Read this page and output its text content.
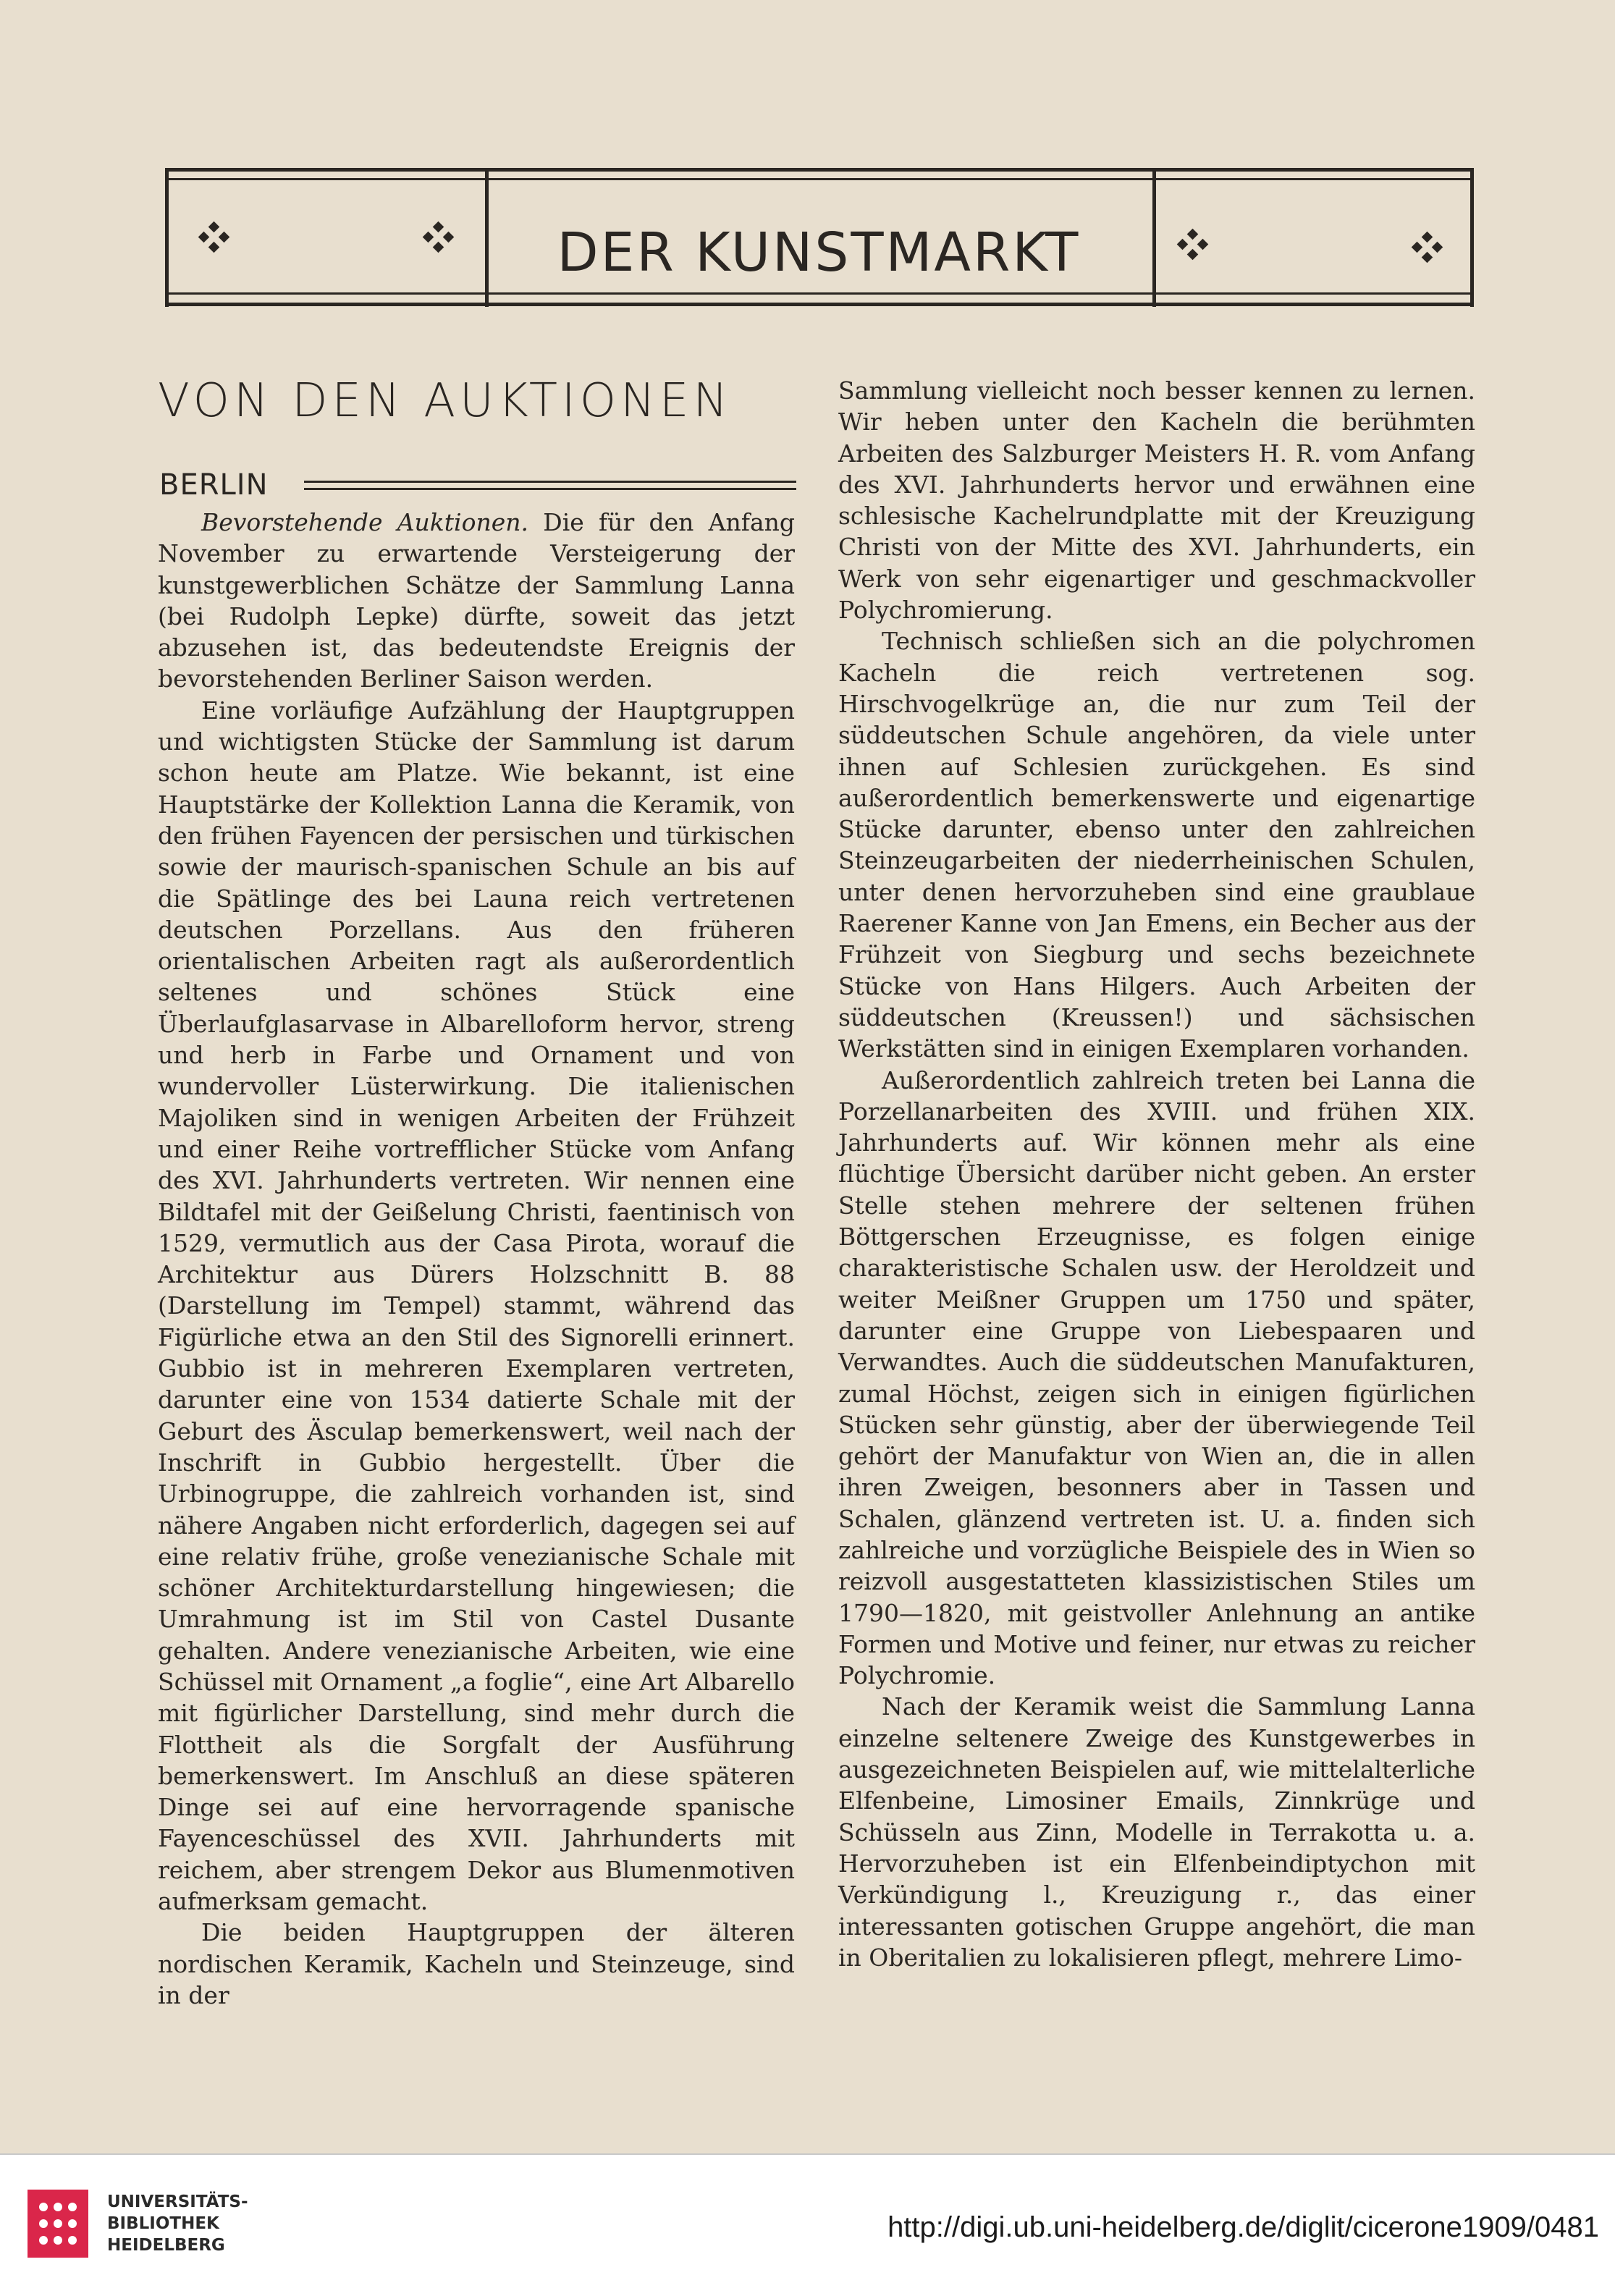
DER KUNSTMARKT
VON DEN AUKTIONEN
BERLIN

Bevorstehende Auktionen. Die für den Anfang November zu erwartende Versteigerung der kunstgewerblichen Schätze der Sammlung Lanna (bei Rudolph Lepke) dürfte, soweit das jetzt abzusehen ist, das bedeutendste Ereignis der bevorstehenden Berliner Saison werden.

Eine vorläufige Aufzählung der Hauptgruppen und wichtigsten Stücke der Sammlung ist darum schon heute am Platze. Wie bekannt, ist eine Hauptstärke der Kollektion Lanna die Keramik, von den frühen Fayencen der persischen und türkischen sowie der maurisch-spanischen Schule an bis auf die Spätlinge des bei Launa reich vertretenen deutschen Porzellans. Aus den früheren orientalischen Arbeiten ragt als außerordentlich seltenes und schönes Stück eine Überlaufglasarvase in Albarelloform hervor, streng und herb in Farbe und Ornament und von wundervoller Lüsterwirkung. Die italienischen Majoliken sind in wenigen Arbeiten der Frühzeit und einer Reihe vortrefflicher Stücke vom Anfang des XVI. Jahrhunderts vertreten. Wir nennen eine Bildtafel mit der Geißelung Christi, faentinisch von 1529, vermutlich aus der Casa Pirota, worauf die Architektur aus Dürers Holzschnitt B. 88 (Darstellung im Tempel) stammt, während das Figürliche etwa an den Stil des Signorelli erinnert. Gubbio ist in mehreren Exemplaren vertreten, darunter eine von 1534 datierte Schale mit der Geburt des Äsculap bemerkenswert, weil nach der Inschrift in Gubbio hergestellt. Über die Urbinogruppe, die zahlreich vorhanden ist, sind nähere Angaben nicht erforderlich, dagegen sei auf eine relativ frühe, große venezianische Schale mit schöner Architekturdarstellung hingewiesen; die Umrahmung ist im Stil von Castel Dusante gehalten. Andere venezianische Arbeiten, wie eine Schüssel mit Ornament „a foglie“, eine Art Albarello mit figürlicher Darstellung, sind mehr durch die Flottheit als die Sorgfalt der Ausführung bemerkenswert. Im Anschluß an diese späteren Dinge sei auf eine hervorragende spanische Fayenceschüssel des XVII. Jahrhunderts mit reichem, aber strengem Dekor aus Blumenmotiven aufmerksam gemacht.

Die beiden Hauptgruppen der älteren nordischen Keramik, Kacheln und Steinzeuge, sind in der

Sammlung vielleicht noch besser kennen zu lernen. Wir heben unter den Kacheln die berühmten Arbeiten des Salzburger Meisters H. R. vom Anfang des XVI. Jahrhunderts hervor und erwähnen eine schlesische Kachelrundplatte mit der Kreuzigung Christi von der Mitte des XVI. Jahrhunderts, ein Werk von sehr eigenartiger und geschmackvoller Polychromierung.

Technisch schließen sich an die polychromen Kacheln die reich vertretenen sog. Hirschvogelkrüge an, die nur zum Teil der süddeutschen Schule angehören, da viele unter ihnen auf Schlesien zurückgehen. Es sind außerordentlich bemerkenswerte und eigenartige Stücke darunter, ebenso unter den zahlreichen Steinzeugarbeiten der niederrheinischen Schulen, unter denen hervorzuheben sind eine graublaue Raerener Kanne von Jan Emens, ein Becher aus der Frühzeit von Siegburg und sechs bezeichnete Stücke von Hans Hilgers. Auch Arbeiten der süddeutschen (Kreussen!) und sächsischen Werkstätten sind in einigen Exemplaren vorhanden.

Außerordentlich zahlreich treten bei Lanna die Porzellanarbeiten des XVIII. und frühen XIX. Jahrhunderts auf. Wir können mehr als eine flüchtige Übersicht darüber nicht geben. An erster Stelle stehen mehrere der seltenen frühen Böttgerschen Erzeugnisse, es folgen einige charakteristische Schalen usw. der Heroldzeit und weiter Meißner Gruppen um 1750 und später, darunter eine Gruppe von Liebespaaren und Verwandtes. Auch die süddeutschen Manufakturen, zumal Höchst, zeigen sich in einigen figürlichen Stücken sehr günstig, aber der überwiegende Teil gehört der Manufaktur von Wien an, die in allen ihren Zweigen, besonners aber in Tassen und Schalen, glänzend vertreten ist. U. a. finden sich zahlreiche und vorzügliche Beispiele des in Wien so reizvoll ausgestatteten klassizistischen Stiles um 1790—1820, mit geistvoller Anlehnung an antike Formen und Motive und feiner, nur etwas zu reicher Polychromie.

Nach der Keramik weist die Sammlung Lanna einzelne seltenere Zweige des Kunstgewerbes in ausgezeichneten Beispielen auf, wie mittelalterliche Elfenbeine, Limosiner Emails, Zinnkrüge und Schüsseln aus Zinn, Modelle in Terrakotta u. a. Hervorzuheben ist ein Elfenbeindiptychon mit Verkündigung l., Kreuzigung r., das einer interessanten gotischen Gruppe angehört, die man in Oberitalien zu lokalisieren pflegt, mehrere Limo-

UNIVERSITÄTS-
BIBLIOTHEK
HEIDELBERG
http://digi.ub.uni-heidelberg.de/diglit/cicerone1909/0481
